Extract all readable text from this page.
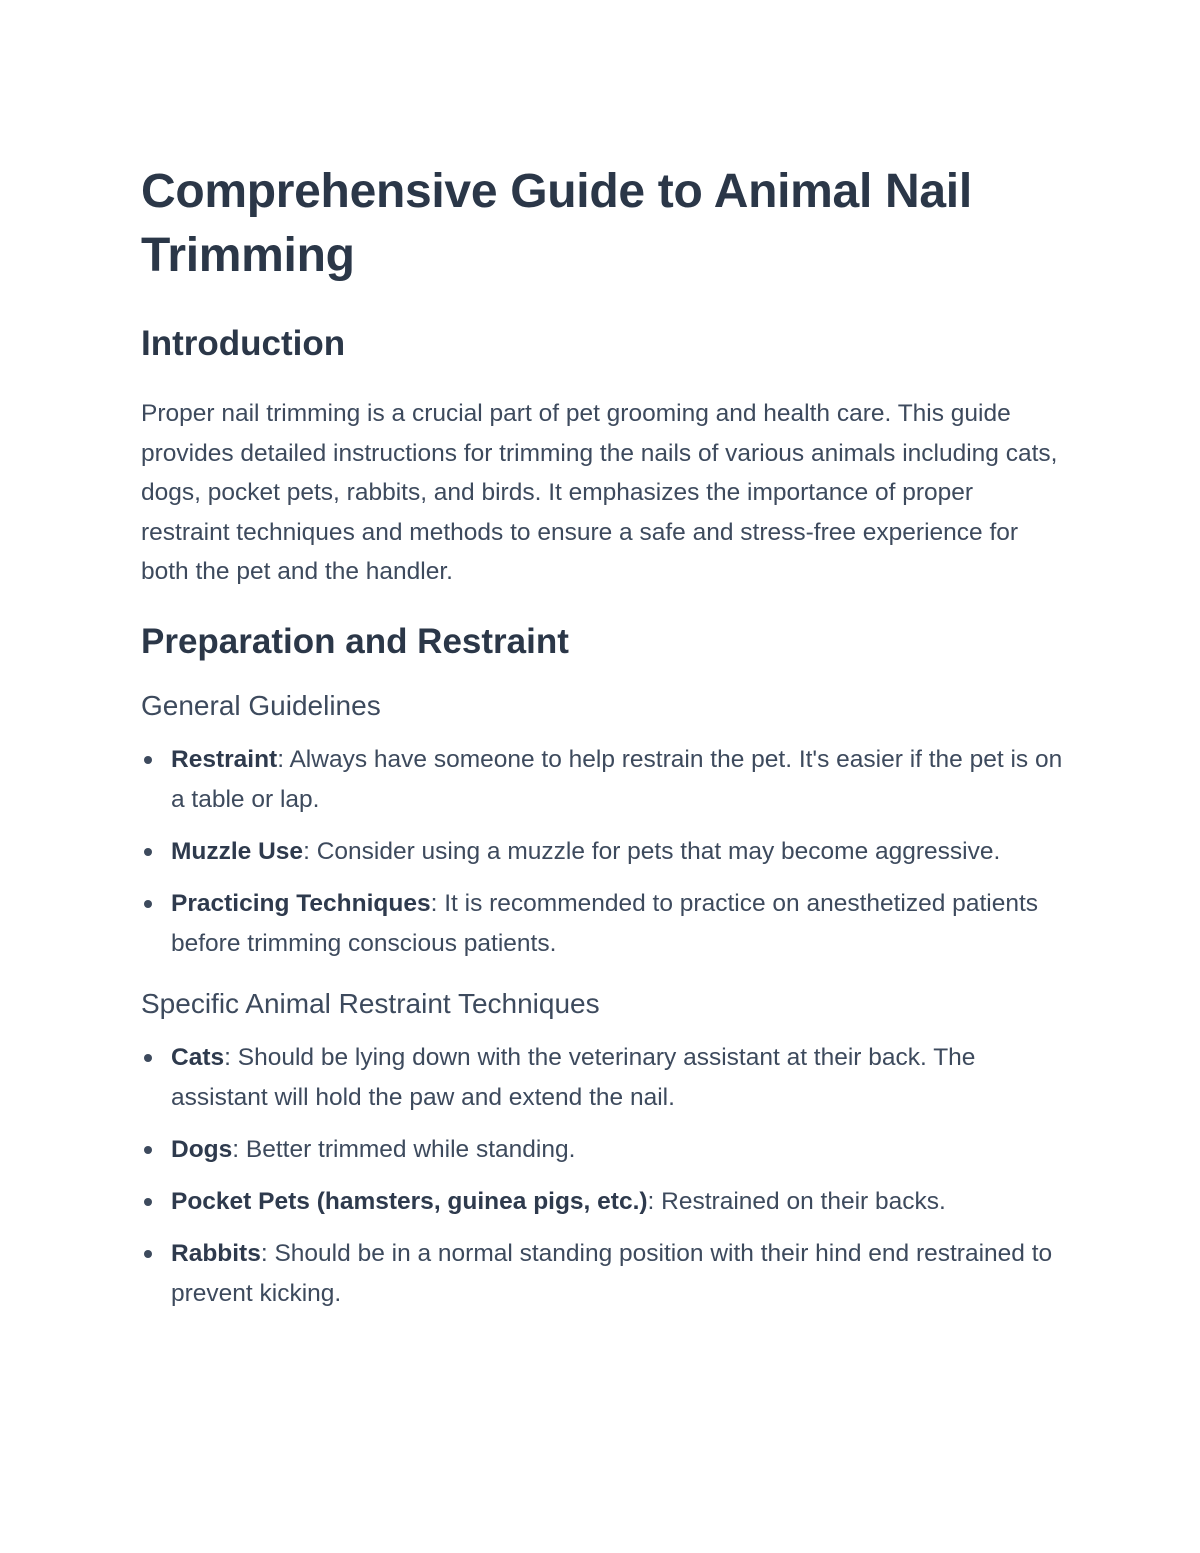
Comprehensive Guide to Animal Nail Trimming
Introduction

Proper nail trimming is a crucial part of pet grooming and health care. This guide provides detailed instructions for trimming the nails of various animals including cats, dogs, pocket pets, rabbits, and birds. It emphasizes the importance of proper restraint techniques and methods to ensure a safe and stress-free experience for both the pet and the handler.

Preparation and Restraint
General Guidelines
Restraint: Always have someone to help restrain the pet. It's easier if the pet is on a table or lap.
Muzzle Use: Consider using a muzzle for pets that may become aggressive.
Practicing Techniques: It is recommended to practice on anesthetized patients before trimming conscious patients.
Specific Animal Restraint Techniques
Cats: Should be lying down with the veterinary assistant at their back. The assistant will hold the paw and extend the nail.
Dogs: Better trimmed while standing.
Pocket Pets (hamsters, guinea pigs, etc.): Restrained on their backs.
Rabbits: Should be in a normal standing position with their hind end restrained to prevent kicking.
